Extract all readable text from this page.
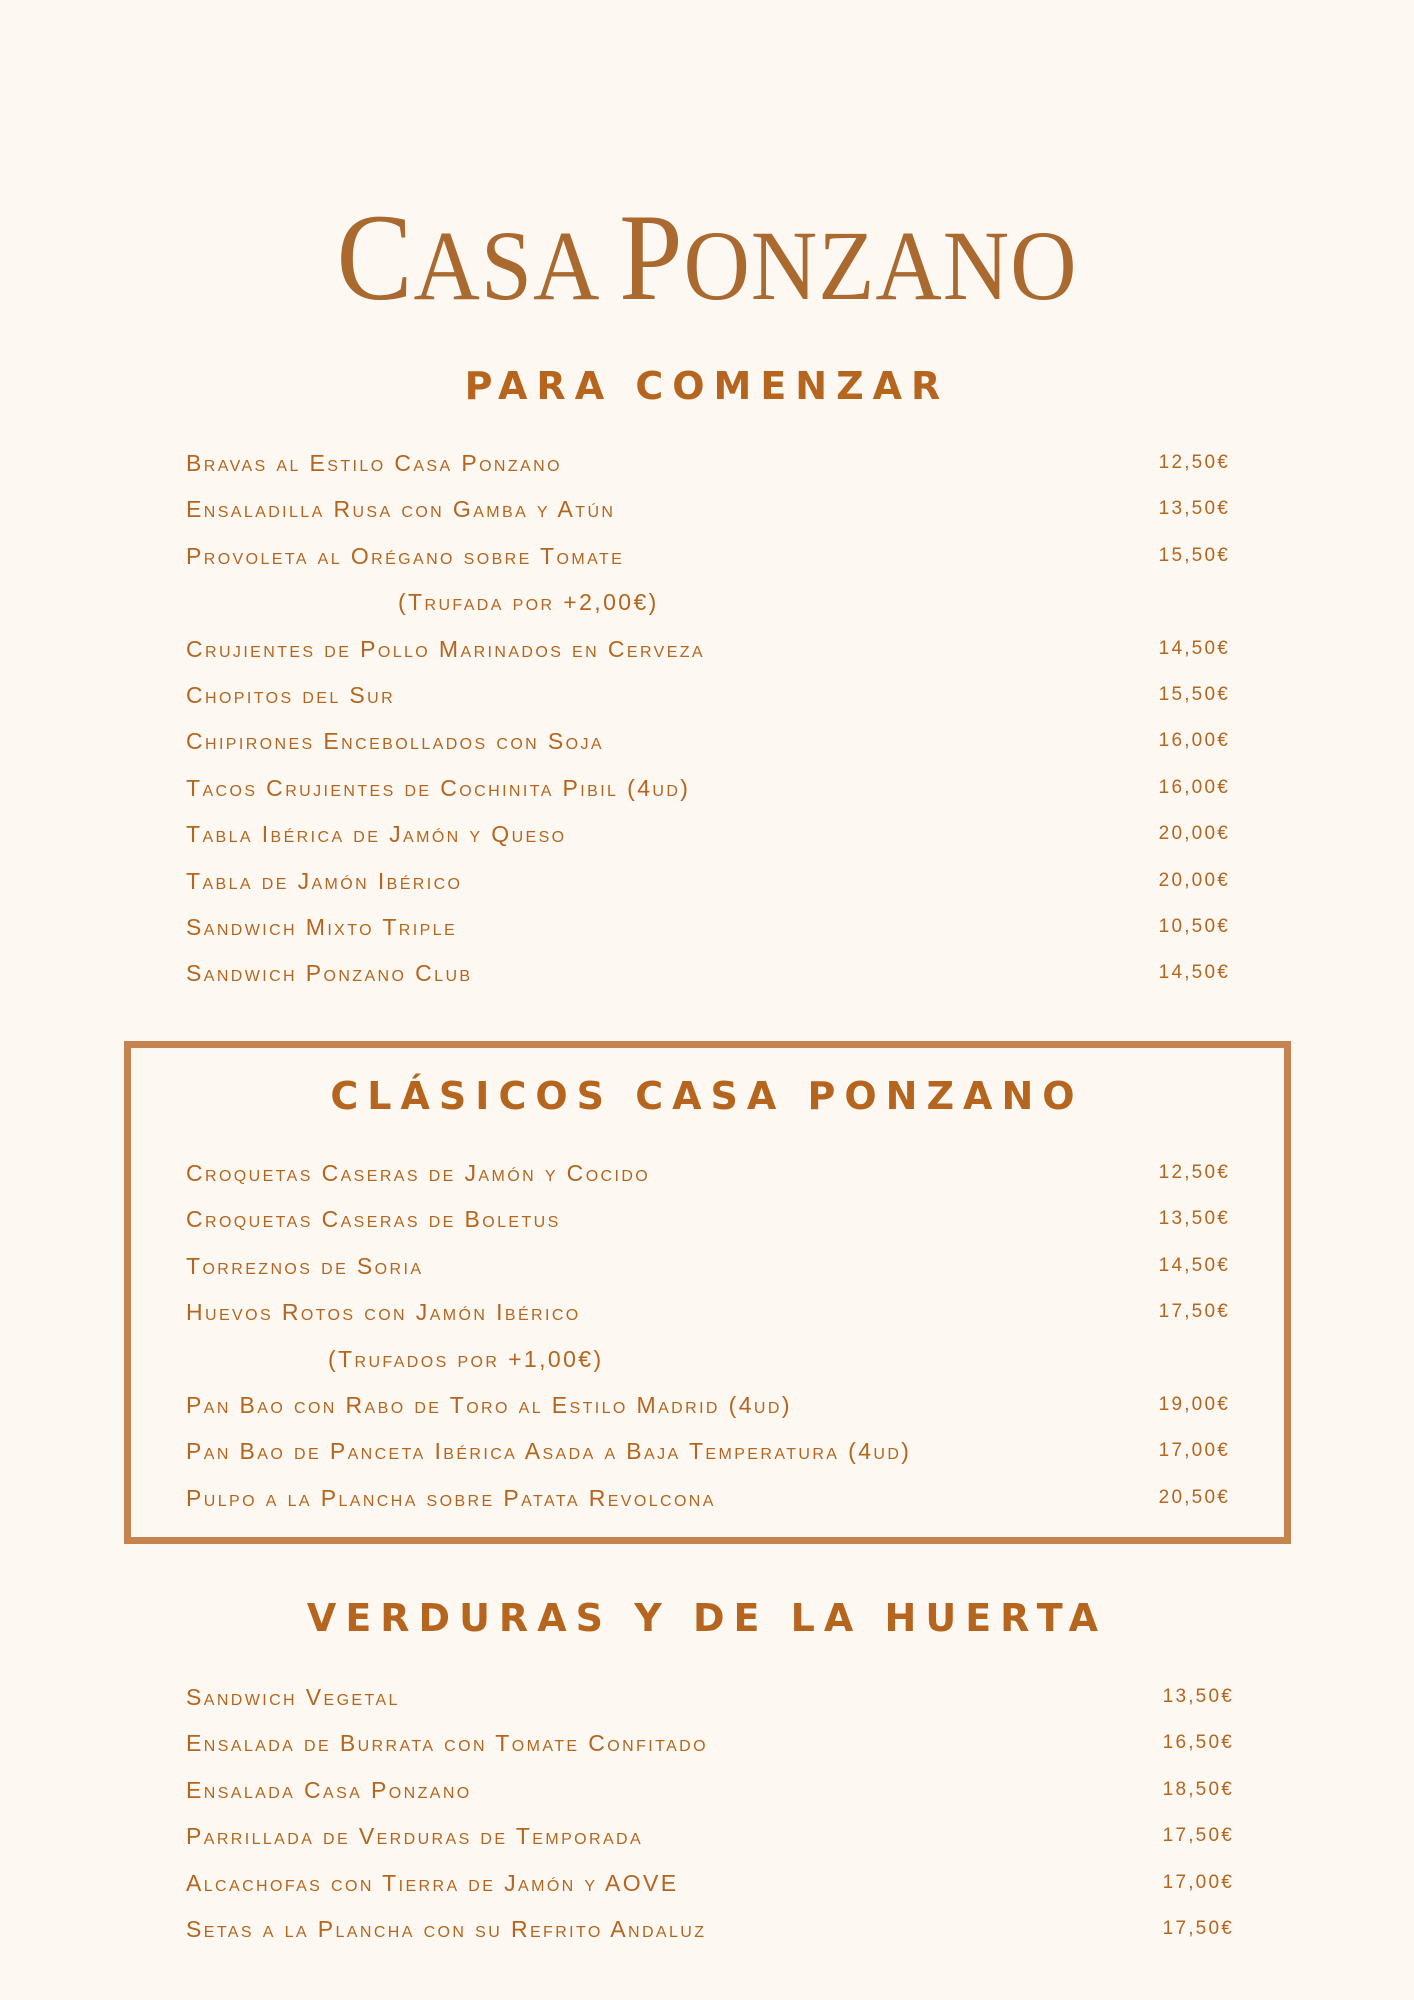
CASA PONZANO
PARA COMENZAR
Bravas al Estilo Casa Ponzano	12,50€
Ensaladilla Rusa con Gamba y Atún	13,50€
Provoleta al Orégano sobre Tomate	15,50€
(Trufada por +2,00€)
Crujientes de Pollo Marinados en Cerveza	14,50€
Chopitos del Sur	15,50€
Chipirones Encebollados con Soja	16,00€
Tacos Crujientes de Cochinita Pibil (4ud)	16,00€
Tabla Ibérica de Jamón y Queso	20,00€
Tabla de Jamón Ibérico	20,00€
Sandwich Mixto Triple	10,50€
Sandwich Ponzano Club	14,50€
CLÁSICOS CASA PONZANO
Croquetas Caseras de Jamón y Cocido	12,50€
Croquetas Caseras de Boletus	13,50€
Torreznos de Soria	14,50€
Huevos Rotos con Jamón Ibérico	17,50€
(Trufados por +1,00€)
Pan Bao con Rabo de Toro al Estilo Madrid (4ud)	19,00€
Pan Bao de Panceta Ibérica Asada a Baja Temperatura (4ud)	17,00€
Pulpo a la Plancha sobre Patata Revolcona	20,50€
VERDURAS Y DE LA HUERTA
Sandwich Vegetal	13,50€
Ensalada de Burrata con Tomate Confitado	16,50€
Ensalada Casa Ponzano	18,50€
Parrillada de Verduras de Temporada	17,50€
Alcachofas con Tierra de Jamón y AOVE	17,00€
Setas a la Plancha con su Refrito Andaluz	17,50€
